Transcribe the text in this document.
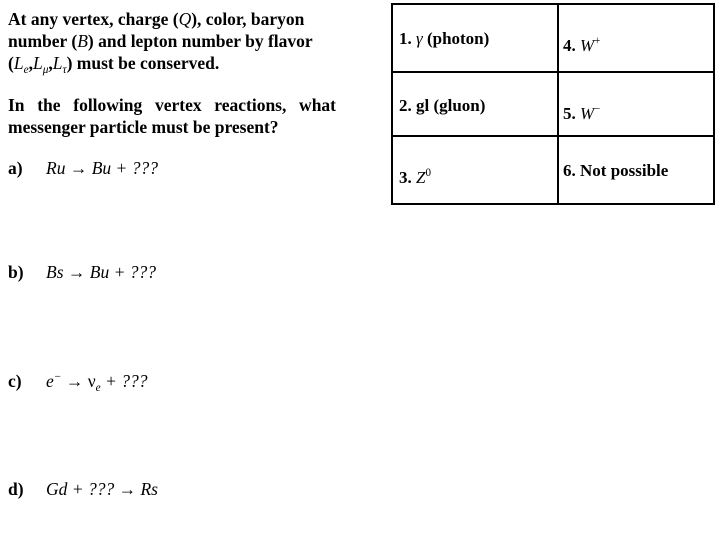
At any vertex, charge (Q), color, baryon
number (B) and lepton number by flavor
$(L_e,L_\mu,L_\tau)$ must be conserved.
In the following vertex reactions, what messenger particle must be present?
a) Ru → Bu + ???
b) Bs → Bu + ???
c) $e^- \to \nu_e$ + ???
d) Gd + ??? → Rs
1. γ (photon)	4. W+
2. gl (gluon)	5. W−
3. $Z^0$	6. Not possible
